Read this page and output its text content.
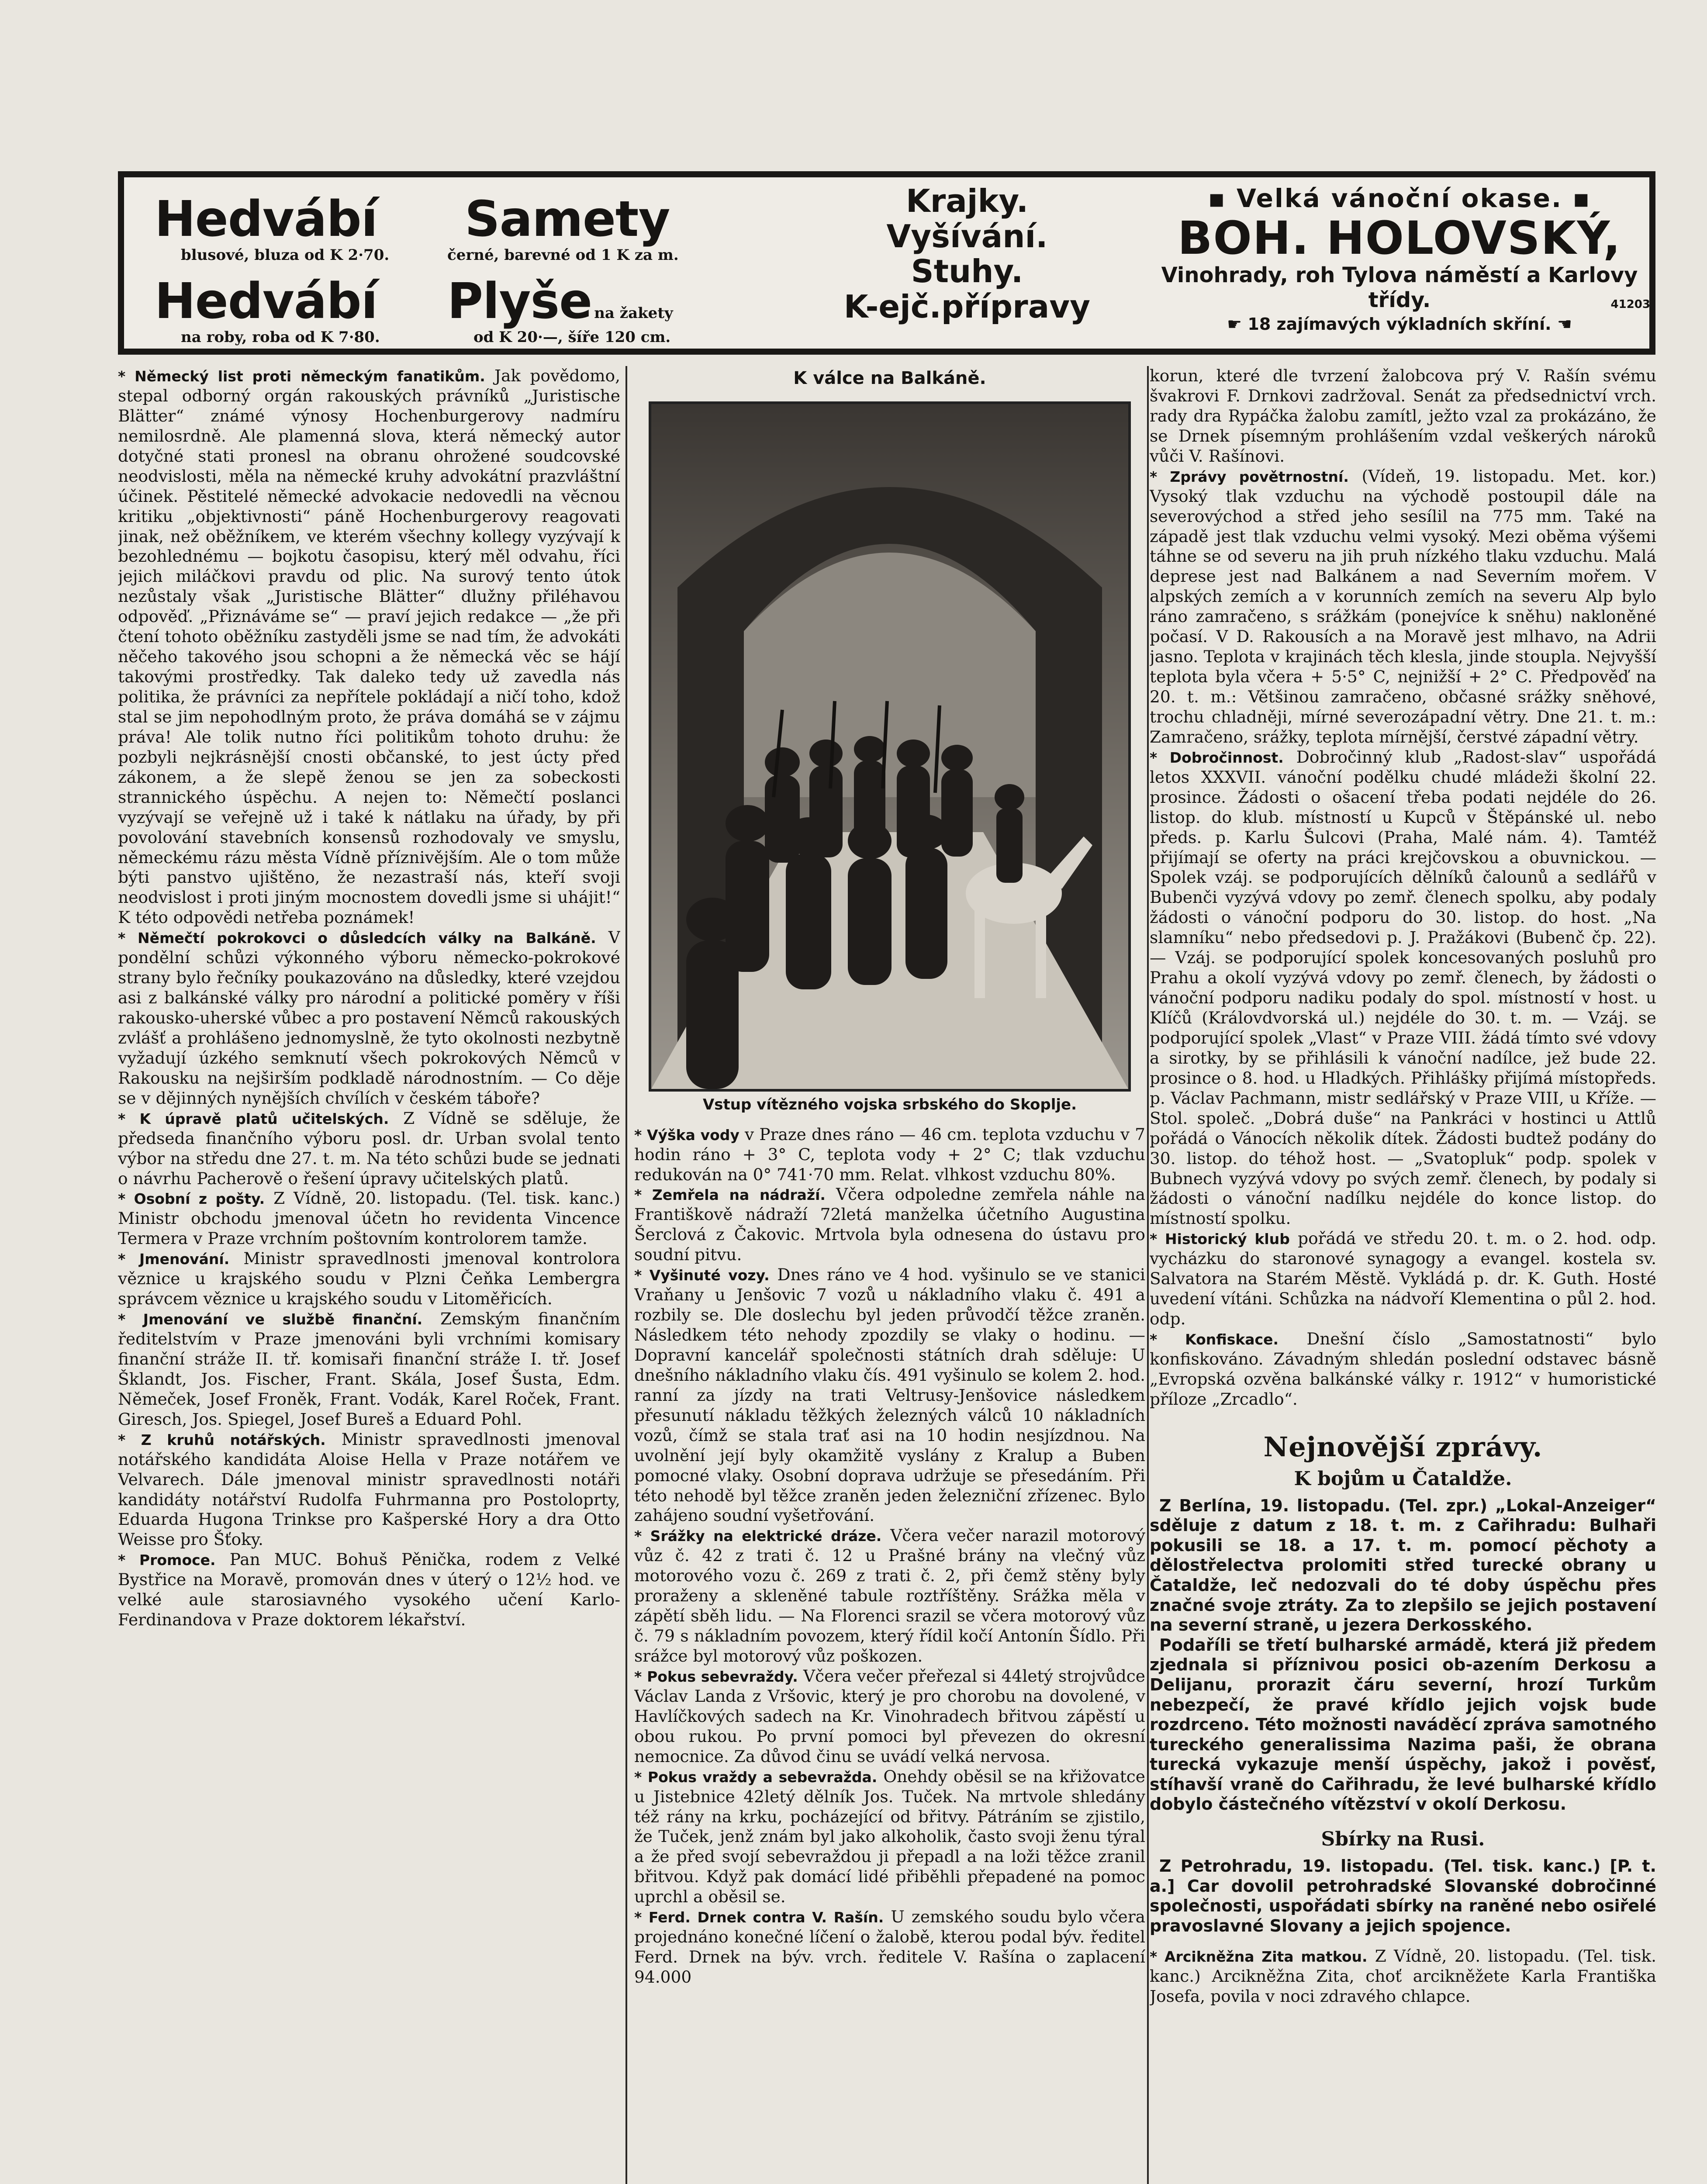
Hedvábí
blusové, bluza od K 2·70.
Hedvábí
na roby, roba od K 7·80.
Samety
černé, barevné od 1 K za m.
Plyše na žakety
od K 20·—, šíře 120 cm.
Krajky.
Vyšívání.
Stuhy.
K-ejč.přípravy
▪ Velká vánoční okase. ▪
BOH. HOLOVSKÝ,
Vinohrady, roh Tylova náměstí a Karlovy třídy.
☛ 18 zajímavých výkladních skříní. ☚
41203

* Německý list proti německým fanatikům. Jak povědomo, stepal odborný orgán rakouských právníků „Juristische Blätter“ známé výnosy Hochenburgerovy nadmíru nemilosrdně. Ale plamenná slova, která německý autor dotyčné stati pronesl na obranu ohrožené soudcovské neodvislosti, měla na německé kruhy advokátní prazvláštní účinek. Pěstitelé německé advokacie nedovedli na věcnou kritiku „objektivnosti“ páně Hochenburgerovy reagovati jinak, než oběžníkem, ve kterém všechny kollegy vyzývají k bezohlednému — bojkotu časopisu, který měl odvahu, říci jejich miláčkovi pravdu od plic. Na surový tento útok nezůstaly však „Juristische Blätter“ dlužny přiléhavou odpověď. „Přiznáváme se“ — praví jejich redakce — „že při čtení tohoto oběžníku zastyděli jsme se nad tím, že advokáti něčeho takového jsou schopni a že německá věc se hájí takovými prostředky. Tak daleko tedy už zavedla nás politika, že právníci za nepřítele pokládají a ničí toho, kdož stal se jim nepohodlným proto, že práva domáhá se v zájmu práva! Ale tolik nutno říci politikům tohoto druhu: že pozbyli nejkrásnější cnosti občanské, to jest úcty před zákonem, a že slepě ženou se jen za sobeckosti strannického úspěchu. A nejen to: Němečtí poslanci vyzývají se veřejně už i také k nátlaku na úřady, by při povolování stavebních konsensů rozhodovaly ve smyslu, německému rázu města Vídně příznivějším. Ale o tom může býti panstvo ujištěno, že nezastraší nás, kteří svoji neodvislost i proti jiným mocnostem dovedli jsme si uhájit!“ K této odpovědi netřeba poznámek!

* Němečtí pokrokovci o důsledcích války na Balkáně. V pondělní schůzi výkonného výboru německo-pokrokové strany bylo řečníky poukazováno na důsledky, které vzejdou asi z balkánské války pro národní a politické poměry v říši rakousko-uherské vůbec a pro postavení Němců rakouských zvlášť a prohlášeno jednomyslně, že tyto okolnosti nezbytně vyžadují úzkého semknutí všech pokrokových Němců v Rakousku na nejširším podkladě národnostním. — Co děje se v dějinných nynějších chvílích v českém táboře?

* K úpravě platů učitelských. Z Vídně se sděluje, že předseda finančního výboru posl. dr. Urban svolal tento výbor na středu dne 27. t. m. Na této schůzi bude se jednati o návrhu Pacherově o řešení úpravy učitelských platů.

* Osobní z pošty. Z Vídně, 20. listopadu. (Tel. tisk. kanc.) Ministr obchodu jmenoval účetn ho revidenta Vincence Termera v Praze vrchním poštovním kontrolorem tamže.

* Jmenování. Ministr spravedlnosti jmenoval kontrolora věznice u krajského soudu v Plzni Čeňka Lembergra správcem věznice u krajského soudu v Litoměřicích.

* Jmenování ve službě finanční. Zemským finančním ředitelstvím v Praze jmenováni byli vrchními komisary finanční stráže II. tř. komisaři finanční stráže I. tř. Josef Šklandt, Jos. Fischer, Frant. Skála, Josef Šusta, Edm. Němeček, Josef Froněk, Frant. Vodák, Karel Roček, Frant. Giresch, Jos. Spiegel, Josef Bureš a Eduard Pohl.

* Z kruhů notářských. Ministr spravedlnosti jmenoval notářského kandidáta Aloise Hella v Praze notářem ve Velvarech. Dále jmenoval ministr spravedlnosti notáři kandidáty notářství Rudolfa Fuhrmanna pro Postoloprty, Eduarda Hugona Trinkse pro Kašperské Hory a dra Otto Weisse pro Šťoky.

* Promoce. Pan MUC. Bohuš Pěnička, rodem z Velké Bystřice na Moravě, promován dnes v úterý o 12½ hod. ve velké aule starosiavného vysokého učení Karlo-Ferdinandova v Praze doktorem lékařství.

K válce na Balkáně.
Vstup vítězného vojska srbského do Skoplje.

* Výška vody v Praze dnes ráno — 46 cm. teplota vzduchu v 7 hodin ráno + 3° C, teplota vody + 2° C; tlak vzduchu redukován na 0° 741·70 mm. Relat. vlhkost vzduchu 80%.

* Zemřela na nádraží. Včera odpoledne zemřela náhle na Františkově nádraží 72letá manželka účetního Augustina Šerclová z Čakovic. Mrtvola byla odnesena do ústavu pro soudní pitvu.

* Vyšinuté vozy. Dnes ráno ve 4 hod. vyšinulo se ve stanici Vraňany u Jenšovic 7 vozů u nákladního vlaku č. 491 a rozbily se. Dle doslechu byl jeden průvodčí těžce zraněn. Následkem této nehody zpozdily se vlaky o hodinu. — Dopravní kancelář společnosti státních drah sděluje: U dnešního nákladního vlaku čís. 491 vyšinulo se kolem 2. hod. ranní za jízdy na trati Veltrusy-Jenšovice následkem přesunutí nákladu těžkých železných válců 10 nákladních vozů, čímž se stala trať asi na 10 hodin nesjízdnou. Na uvolnění její byly okamžitě vyslány z Kralup a Buben pomocné vlaky. Osobní doprava udržuje se přesedáním. Při této nehodě byl těžce zraněn jeden železniční zřízenec. Bylo zahájeno soudní vyšetřování.

* Srážky na elektrické dráze. Včera večer narazil motorový vůz č. 42 z trati č. 12 u Prašné brány na vlečný vůz motorového vozu č. 269 z trati č. 2, při čemž stěny byly proraženy a skleněné tabule roztříštěny. Srážka měla v zápětí sběh lidu. — Na Florenci srazil se včera motorový vůz č. 79 s nákladním povozem, který řídil kočí Antonín Šídlo. Při srážce byl motorový vůz poškozen.

* Pokus sebevraždy. Včera večer přeřezal si 44letý strojvůdce Václav Landa z Vršovic, který je pro chorobu na dovolené, v Havlíčkových sadech na Kr. Vinohradech břitvou zápěstí u obou rukou. Po první pomoci byl převezen do okresní nemocnice. Za důvod činu se uvádí velká nervosa.

* Pokus vraždy a sebevražda. Onehdy oběsil se na křižovatce u Jistebnice 42letý dělník Jos. Tuček. Na mrtvole shledány též rány na krku, pocházející od břitvy. Pátráním se zjistilo, že Tuček, jenž znám byl jako alkoholik, často svoji ženu týral a že před svojí sebevraždou ji přepadl a na loži těžce zranil břitvou. Když pak domácí lidé přiběhli přepadené na pomoc uprchl a oběsil se.

* Ferd. Drnek contra V. Rašín. U zemského soudu bylo včera projednáno konečné líčení o žalobě, kterou podal býv. ředitel Ferd. Drnek na býv. vrch. ředitele V. Rašína o zaplacení 94.000

korun, které dle tvrzení žalobcova prý V. Rašín svému švakrovi F. Drnkovi zadržoval. Senát za předsednictví vrch. rady dra Rypáčka žalobu zamítl, ježto vzal za prokázáno, že se Drnek písemným prohlášením vzdal veškerých nároků vůči V. Rašínovi.

* Zprávy povětrnostní. (Vídeň, 19. listopadu. Met. kor.) Vysoký tlak vzduchu na východě postoupil dále na severovýchod a střed jeho sesílil na 775 mm. Také na západě jest tlak vzduchu velmi vysoký. Mezi oběma výšemi táhne se od severu na jih pruh nízkého tlaku vzduchu. Malá deprese jest nad Balkánem a nad Severním mořem. V alpských zemích a v korunních zemích na severu Alp bylo ráno zamračeno, s srážkám (ponejvíce k sněhu) nakloněné počasí. V D. Rakousích a na Moravě jest mlhavo, na Adrii jasno. Teplota v krajinách těch klesla, jinde stoupla. Nejvyšší teplota byla včera + 5·5° C, nejnižší + 2° C. Předpověď na 20. t. m.: Většinou zamračeno, občasné srážky sněhové, trochu chladněji, mírné severozápadní větry. Dne 21. t. m.: Zamračeno, srážky, teplota mírnější, čerstvé západní větry.

* Dobročinnost. Dobročinný klub „Radost-slav“ uspořádá letos XXXVII. vánoční podělku chudé mládeži školní 22. prosince. Žádosti o ošacení třeba podati nejdéle do 26. listop. do klub. místností u Kupců v Štěpánské ul. nebo předs. p. Karlu Šulcovi (Praha, Malé nám. 4). Tamtéž přijímají se oferty na práci krejčovskou a obuvnickou. — Spolek vzáj. se podporujících dělníků čalounů a sedlářů v Bubenči vyzývá vdovy po zemř. členech spolku, aby podaly žádosti o vánoční podporu do 30. listop. do host. „Na slamníku“ nebo předsedovi p. J. Pražákovi (Bubenč čp. 22). — Vzáj. se podporující spolek koncesovaných posluhů pro Prahu a okolí vyzývá vdovy po zemř. členech, by žádosti o vánoční podporu nadiku podaly do spol. místností v host. u Klíčů (Královdvorská ul.) nejdéle do 30. t. m. — Vzáj. se podporující spolek „Vlast“ v Praze VIII. žádá tímto své vdovy a sirotky, by se přihlásili k vánoční nadílce, jež bude 22. prosince o 8. hod. u Hladkých. Přihlášky přijímá místopředs. p. Václav Pachmann, mistr sedlářský v Praze VIII, u Kříže. — Stol. společ. „Dobrá duše“ na Pankráci v hostinci u Attlů pořádá o Vánocích několik dítek. Žádosti budtež podány do 30. listop. do téhož host. — „Svatopluk“ podp. spolek v Bubnech vyzývá vdovy po svých zemř. členech, by podaly si žádosti o vánoční nadílku nejdéle do konce listop. do místností spolku.

* Historický klub pořádá ve středu 20. t. m. o 2. hod. odp. vycházku do staronové synagogy a evangel. kostela sv. Salvatora na Starém Městě. Vykládá p. dr. K. Guth. Hosté uvedení vítáni. Schůzka na nádvoří Klementina o půl 2. hod. odp.

* Konfiskace. Dnešní číslo „Samostatnosti“ bylo konfiskováno. Závadným shledán poslední odstavec básně „Evropská ozvěna balkánské války r. 1912“ v humoristické příloze „Zrcadlo“.

Nejnovější zprávy.
K bojům u Čataldže.

Z Berlína, 19. listopadu. (Tel. zpr.) „Lokal-Anzeiger“ sděluje z datum z 18. t. m. z Cařihradu: Bulhaři pokusili se 18. a 17. t. m. pomocí pěchoty a dělostřelectva prolomiti střed turecké obrany u Čataldže, leč nedozvali do té doby úspěchu přes značné svoje ztráty. Za to zlepšilo se jejich postavení na severní straně, u jezera Derkosského.

Podaříli se třetí bulharské armádě, která již předem zjednala si příznivou posici ob-azením Derkosu a Delijanu, prorazit čáru severní, hrozí Turkům nebezpečí, že pravé křídlo jejich vojsk bude rozdrceno. Této možnosti naváděcí zpráva samotného tureckého generalissima Nazima paši, že obrana turecká vykazuje menší úspěchy, jakož i pověsť, stíhavší vraně do Cařihradu, že levé bulharské křídlo dobylo částečného vítězství v okolí Derkosu.

Sbírky na Rusi.

Z Petrohradu, 19. listopadu. (Tel. tisk. kanc.) [P. t. a.] Car dovolil petrohradské Slovanské dobročinné společnosti, uspořádati sbírky na raněné nebo osiřelé pravoslavné Slovany a jejich spojence.

* Arcikněžna Zita matkou. Z Vídně, 20. listopadu. (Tel. tisk. kanc.) Arcikněžna Zita, choť arcikněžete Karla Františka Josefa, povila v noci zdravého chlapce.
